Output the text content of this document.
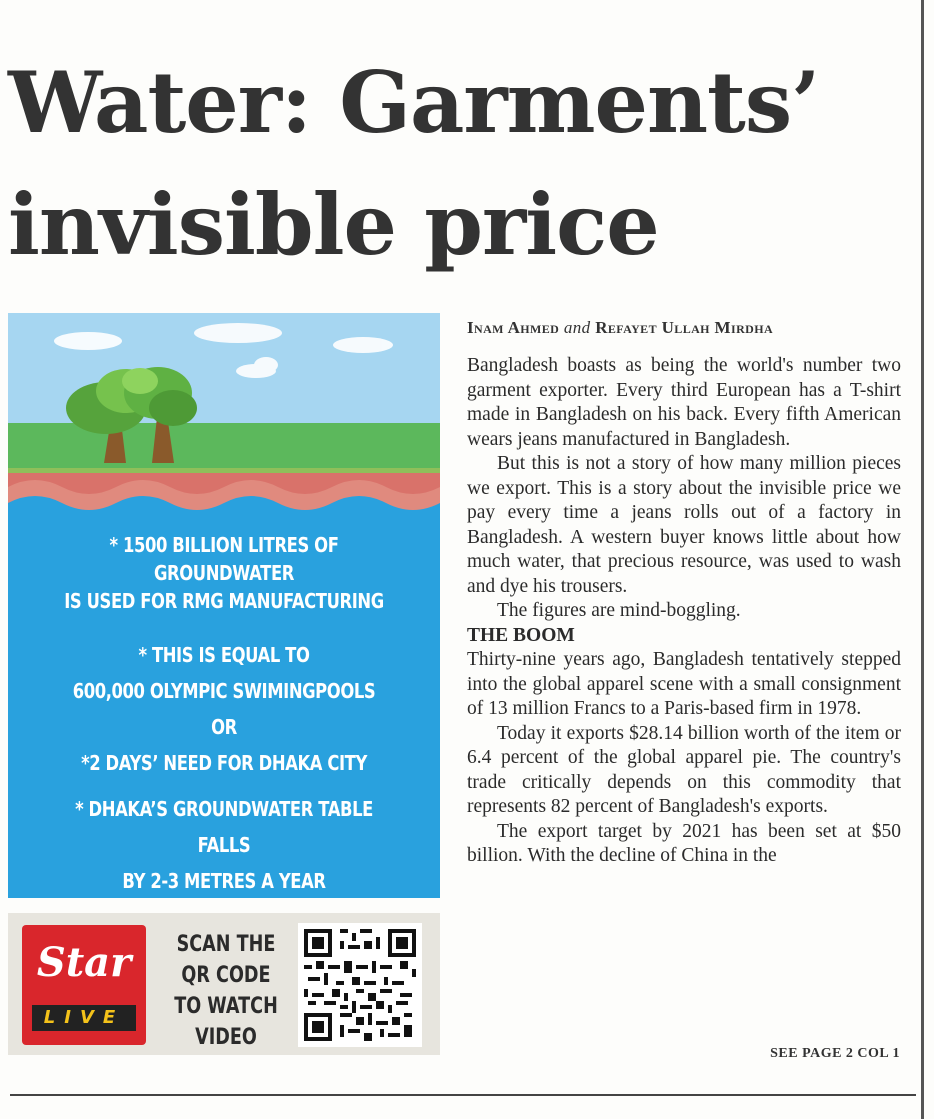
Water: Garments’
invisible price
* 1500 BILLION LITRES OF GROUNDWATER
IS USED FOR RMG MANUFACTURING
* THIS IS EQUAL TO
600,000 OLYMPIC SWIMINGPOOLS
OR
*2 DAYS’ NEED FOR DHAKA CITY
* DHAKA’S GROUNDWATER TABLE FALLS
BY 2-3 METRES A YEAR
Star
LIVE
SCAN THE
QR CODE
TO WATCH
VIDEO
Inam Ahmed and Refayet Ullah Mirdha

Bangladesh boasts as being the world's number two garment exporter. Every third European has a T-shirt made in Bangladesh on his back. Every fifth American wears jeans manufactured in Bangladesh.

But this is not a story of how many million pieces we export. This is a story about the invisible price we pay every time a jeans rolls out of a factory in Bangladesh. A western buyer knows little about how much water, that precious resource, was used to wash and dye his trousers.

The figures are mind-boggling.

THE BOOM

Thirty-nine years ago, Bangladesh tentatively stepped into the global apparel scene with a small consignment of 13 million Francs to a Paris-based firm in 1978.

Today it exports $28.14 billion worth of the item or 6.4 percent of the global apparel pie. The country's trade critically depends on this commodity that represents 82 percent of Bangladesh's exports.

The export target by 2021 has been set at $50 billion. With the decline of China in the

SEE PAGE 2 COL 1
